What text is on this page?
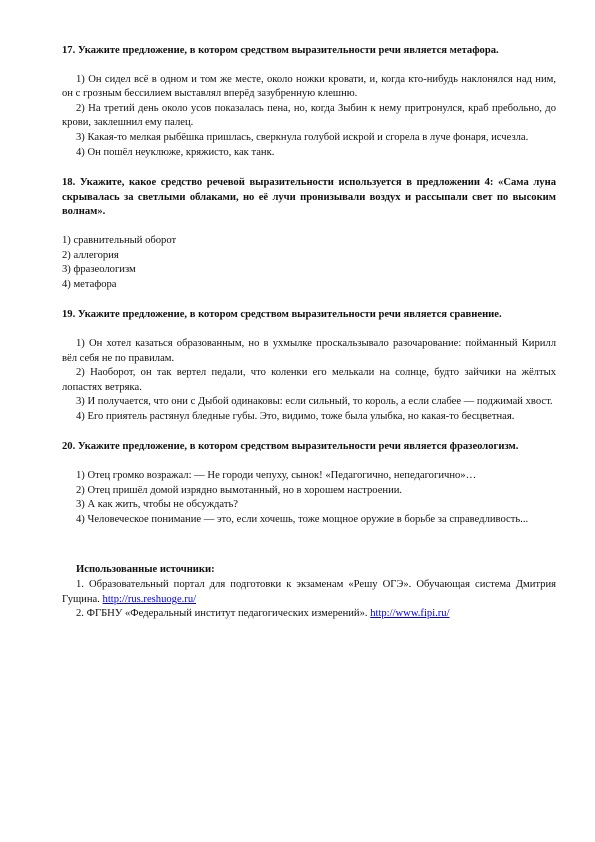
17. Укажите предложение, в котором средством выразительности речи является метафора.

1) Он сидел всё в одном и том же месте, около ножки кровати, и, когда кто-нибудь наклонялся над ним, он с грозным бессилием выставлял вперёд зазубренную клешню.

2) На третий день около усов показалась пена, но, когда Зыбин к нему притронулся, краб пребольно, до крови, заклешнил ему палец.

3) Какая-то мелкая рыбёшка пришлась, сверкнула голубой искрой и сгорела в луче фонаря, исчезла.

4) Он пошёл неуклюже, кряжисто, как танк.

18. Укажите, какое средство речевой выразительности используется в предложении 4: «Сама луна скрывалась за светлыми облаками, но её лучи пронизывали воздух и рассыпали свет по высоким волнам».

1) сравнительный оборот

2) аллегория

3) фразеологизм

4) метафора

19. Укажите предложение, в котором средством выразительности речи является сравнение.

1) Он хотел казаться образованным, но в ухмылке проскальзывало разочарование: пойманный Кирилл вёл себя не по правилам.

2) Наоборот, он так вертел педали, что коленки его мелькали на солнце, будто зайчики на жёлтых лопастях ветряка.

3) И получается, что они с Дыбой одинаковы: если сильный, то король, а если слабее — поджимай хвост.

4) Его приятель растянул бледные губы. Это, видимо, тоже была улыбка, но какая-то бесцветная.

20. Укажите предложение, в котором средством выразительности речи является фразеологизм.

1) Отец громко возражал: — Не городи чепуху, сынок! «Педагогично, непедагогично»…

2) Отец пришёл домой изрядно вымотанный, но в хорошем настроении.

3) А как жить, чтобы не обсуждать?

4) Человеческое понимание — это, если хочешь, тоже мощное оружие в борьбе за справедливость...

Использованные источники:

1. Образовательный портал для подготовки к экзаменам «Решу ОГЭ». Обучающая система Дмитрия Гущина. http://rus.reshuoge.ru/

2. ФГБНУ «Федеральный институт педагогических измерений». http://www.fipi.ru/
